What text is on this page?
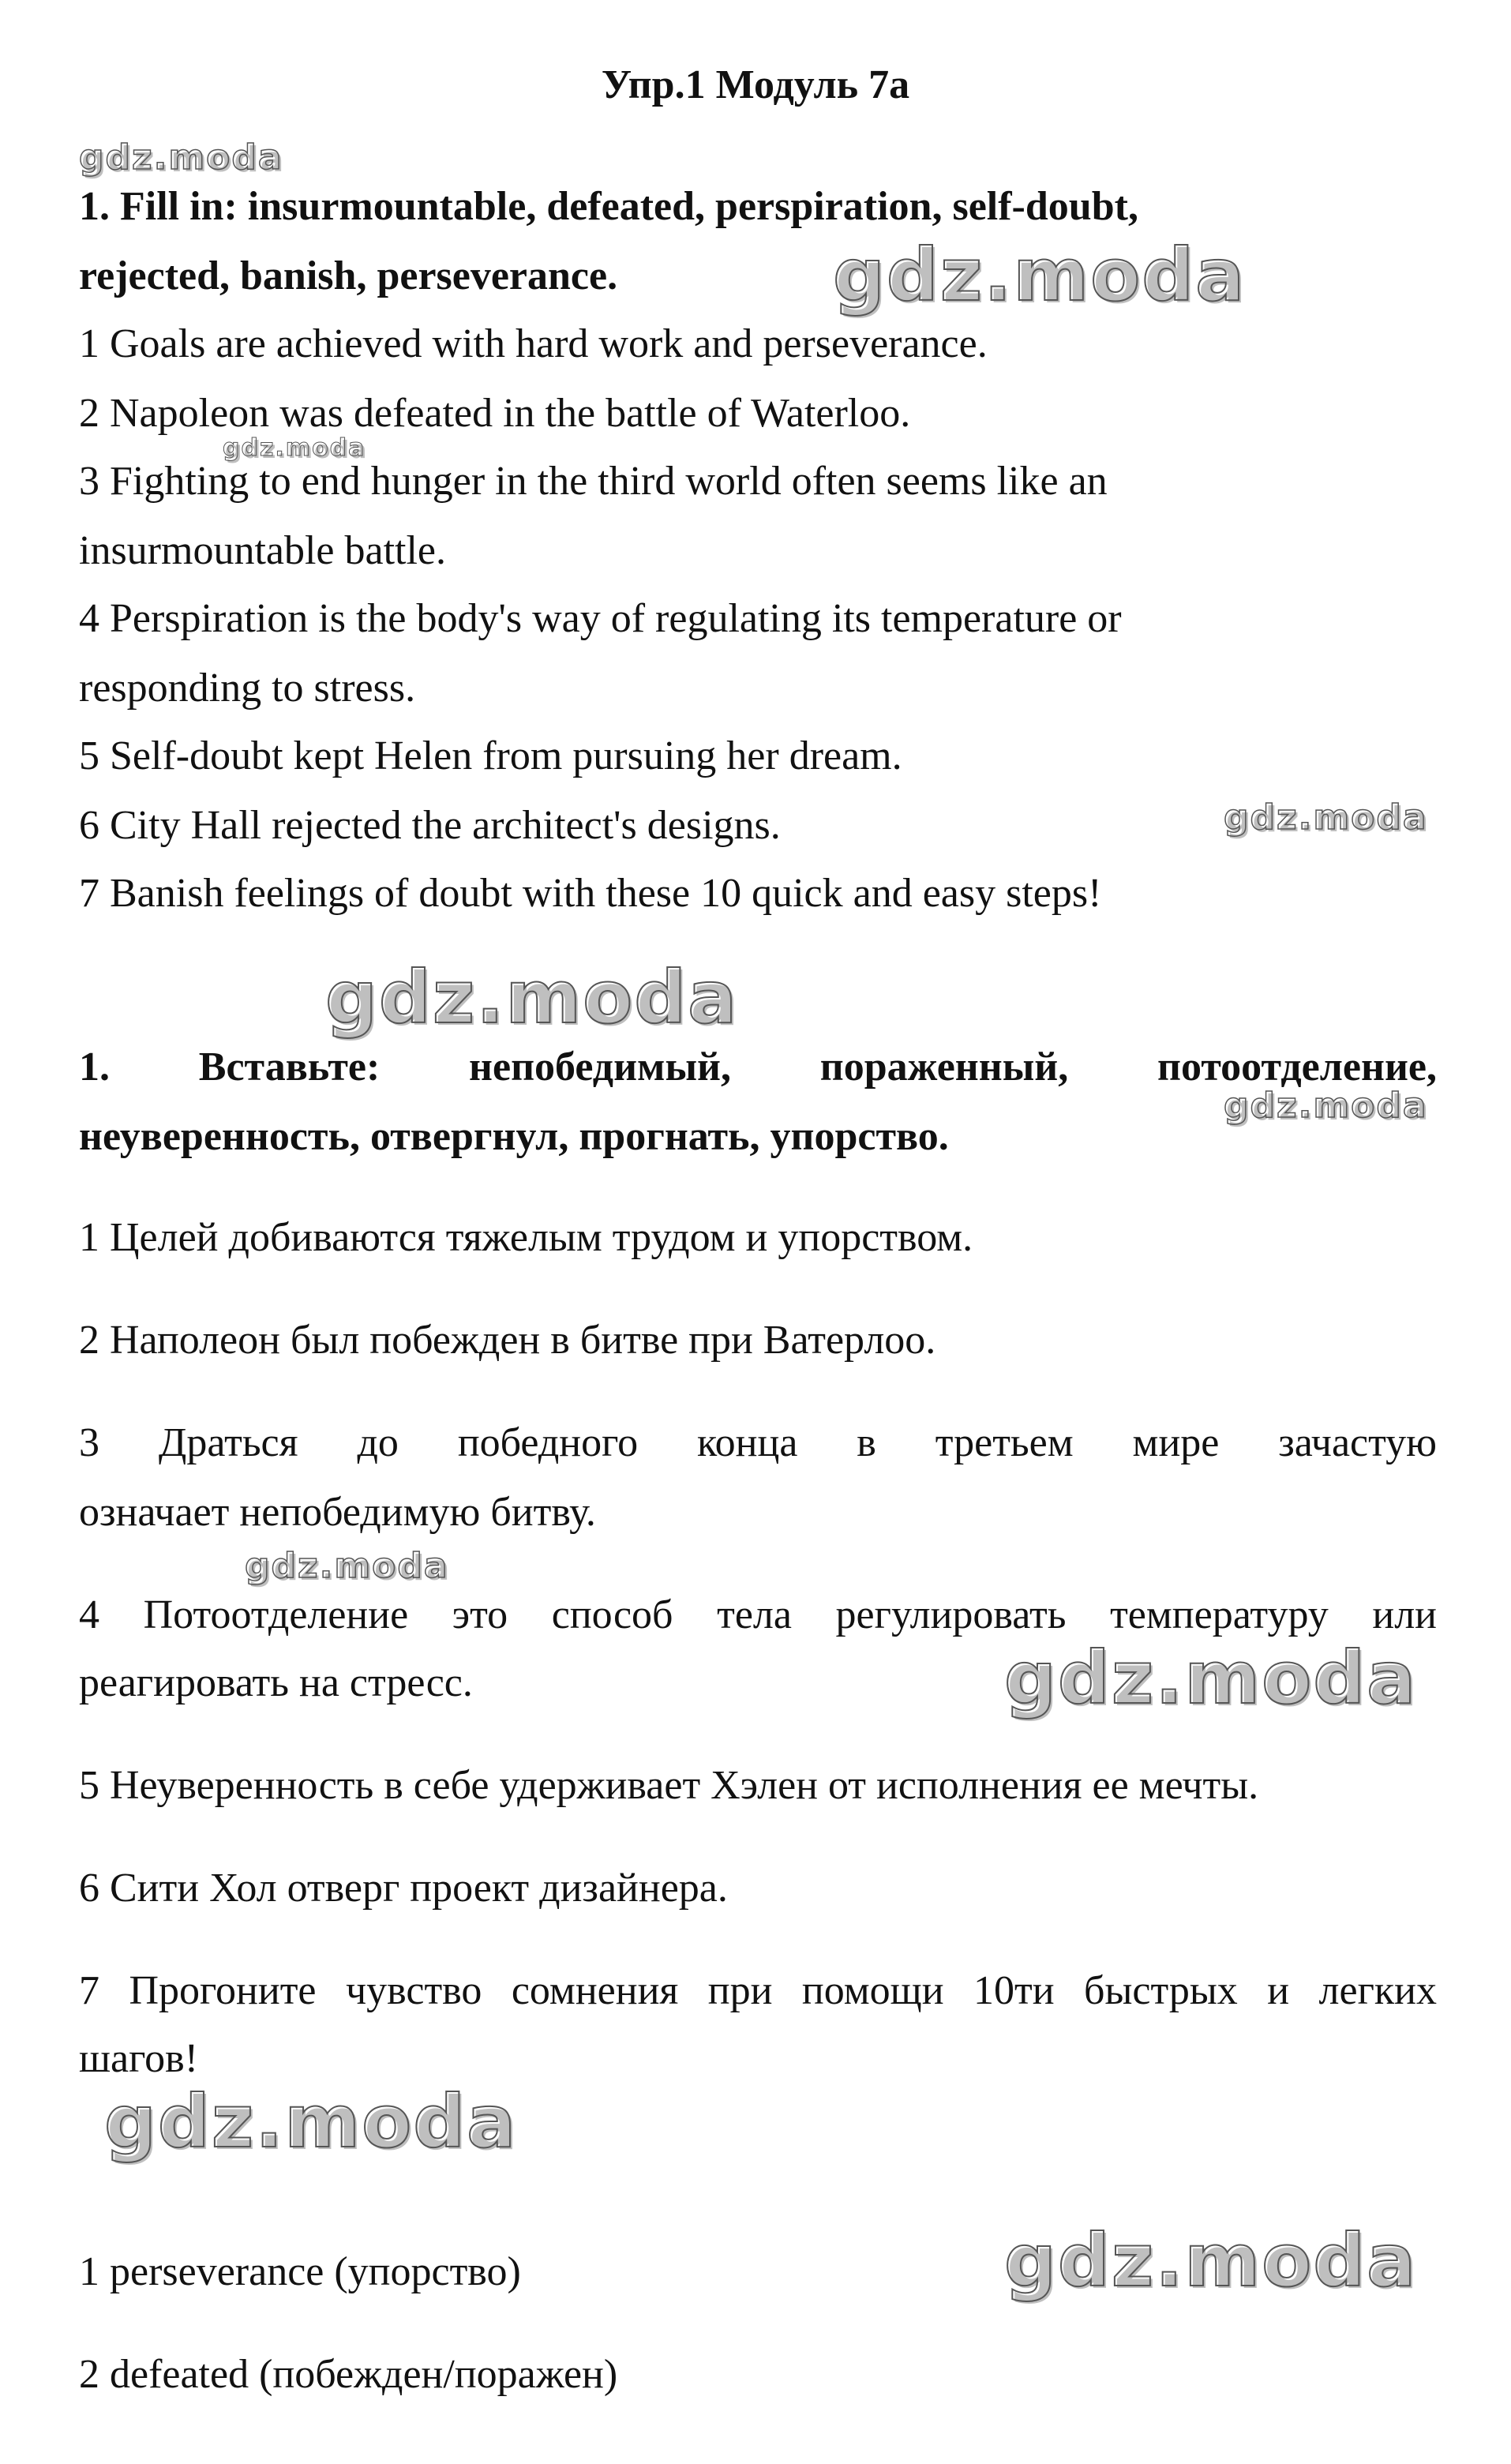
Упр.1 Модуль 7а
1. Fill in: insurmountable, defeated, perspiration, self-doubt,
rejected, banish, perseverance.
1 Goals are achieved with hard work and perseverance.
2 Napoleon was defeated in the battle of Waterloo.
3 Fighting to end hunger in the third world often seems like an
insurmountable battle.
4 Perspiration is the body's way of regulating its temperature or
responding to stress.
5 Self-doubt kept Helen from pursuing her dream.
6 City Hall rejected the architect's designs.
7 Banish feelings of doubt with these 10 quick and easy steps!
1. Вставьте: непобедимый, пораженный, потоотделение,
неуверенность, отвергнул, прогнать, упорство.
1 Целей добиваются тяжелым трудом и упорством.
2 Наполеон был побежден в битве при Ватерлоо.
3 Драться до победного конца в третьем мире зачастую
означает непобедимую битву.
4 Потоотделение это способ тела регулировать температуру или
реагировать на стресс.
5 Неуверенность в себе удерживает Хэлен от исполнения ее мечты.
6 Сити Хол отверг проект дизайнера.
7 Прогоните чувство сомнения при помощи 10ти быстрых и легких
шагов!
1 perseverance (упорство)
2 defeated (побежден/поражен)
gdz.moda
gdz.moda
gdz.moda
gdz.moda
gdz.moda
gdz.moda
gdz.moda
gdz.moda
gdz.moda
gdz.moda
